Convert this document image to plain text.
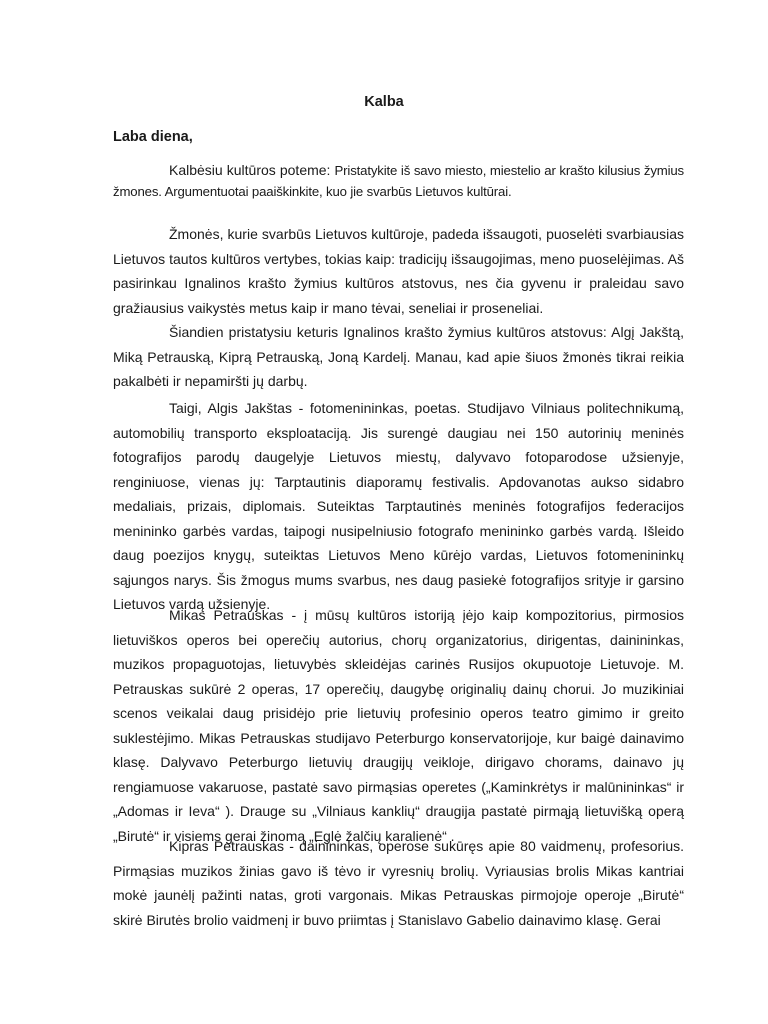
Kalba
Laba diena,

Kalbėsiu kultūros poteme: Pristatykite iš savo miesto, miestelio ar krašto kilusius žymius žmones. Argumentuotai paaiškinkite, kuo jie svarbūs Lietuvos kultūrai.

Žmonės, kurie svarbūs Lietuvos kultūroje, padeda išsaugoti, puoselėti svarbiausias Lietuvos tautos kultūros vertybes, tokias kaip: tradicijų išsaugojimas, meno puoselėjimas. Aš pasirinkau Ignalinos krašto žymius kultūros atstovus, nes čia gyvenu ir praleidau savo gražiausius vaikystės metus kaip ir mano tėvai, seneliai ir proseneliai.

Šiandien pristatysiu keturis Ignalinos krašto žymius kultūros atstovus: Algį Jakštą, Miką Petrauską, Kiprą Petrauską, Joną Kardelį. Manau, kad apie šiuos žmonės tikrai reikia pakalbėti ir nepamiršti jų darbų.

Taigi, Algis Jakštas - fotomenininkas, poetas. Studijavo Vilniaus politechnikumą, automobilių transporto eksploataciją. Jis surengė daugiau nei 150 autorinių meninės fotografijos parodų daugelyje Lietuvos miestų, dalyvavo fotoparodose užsienyje, renginiuose, vienas jų: Tarptautinis diaporamų festivalis. Apdovanotas aukso sidabro medaliais, prizais, diplomais. Suteiktas Tarptautinės meninės fotografijos federacijos menininko garbės vardas, taipogi nusipelniusio fotografo menininko garbės vardą. Išleido daug poezijos knygų, suteiktas Lietuvos Meno kūrėjo vardas, Lietuvos fotomenininkų sąjungos narys. Šis žmogus mums svarbus, nes daug pasiekė fotografijos srityje ir garsino Lietuvos vardą užsienyje.

Mikas Petrauskas - į mūsų kultūros istoriją įėjo kaip kompozitorius, pirmosios lietuviškos operos bei operečių autorius, chorų organizatorius, dirigentas, dainininkas, muzikos propaguotojas, lietuvybės skleidėjas carinės Rusijos okupuotoje Lietuvoje. M. Petrauskas sukūrė 2 operas, 17 operečių, daugybę originalių dainų chorui. Jo muzikiniai scenos veikalai daug prisidėjo prie lietuvių profesinio operos teatro gimimo ir greito suklestėjimo. Mikas Petrauskas studijavo Peterburgo konservatorijoje, kur baigė dainavimo klasę. Dalyvavo Peterburgo lietuvių draugijų veikloje, dirigavo chorams, dainavo jų rengiamuose vakaruose, pastatė savo pirmąsias operetes („Kaminkrėtys ir malūnininkas“ ir „Adomas ir Ieva“ ). Drauge su „Vilniaus kanklių“ draugija pastatė pirmąją lietuvišką operą „Birutė“ ir visiems gerai žinomą „Eglė žalčių karalienė“ .

Kipras Petrauskas - dainininkas, operose sukūręs apie 80 vaidmenų, profesorius. Pirmąsias muzikos žinias gavo iš tėvo ir vyresnių brolių. Vyriausias brolis Mikas kantriai mokė jaunėlį pažinti natas, groti vargonais. Mikas Petrauskas pirmojoje operoje „Birutė“ skirė Birutės brolio vaidmenį ir buvo priimtas į Stanislavo Gabelio dainavimo klasę. Gerai
